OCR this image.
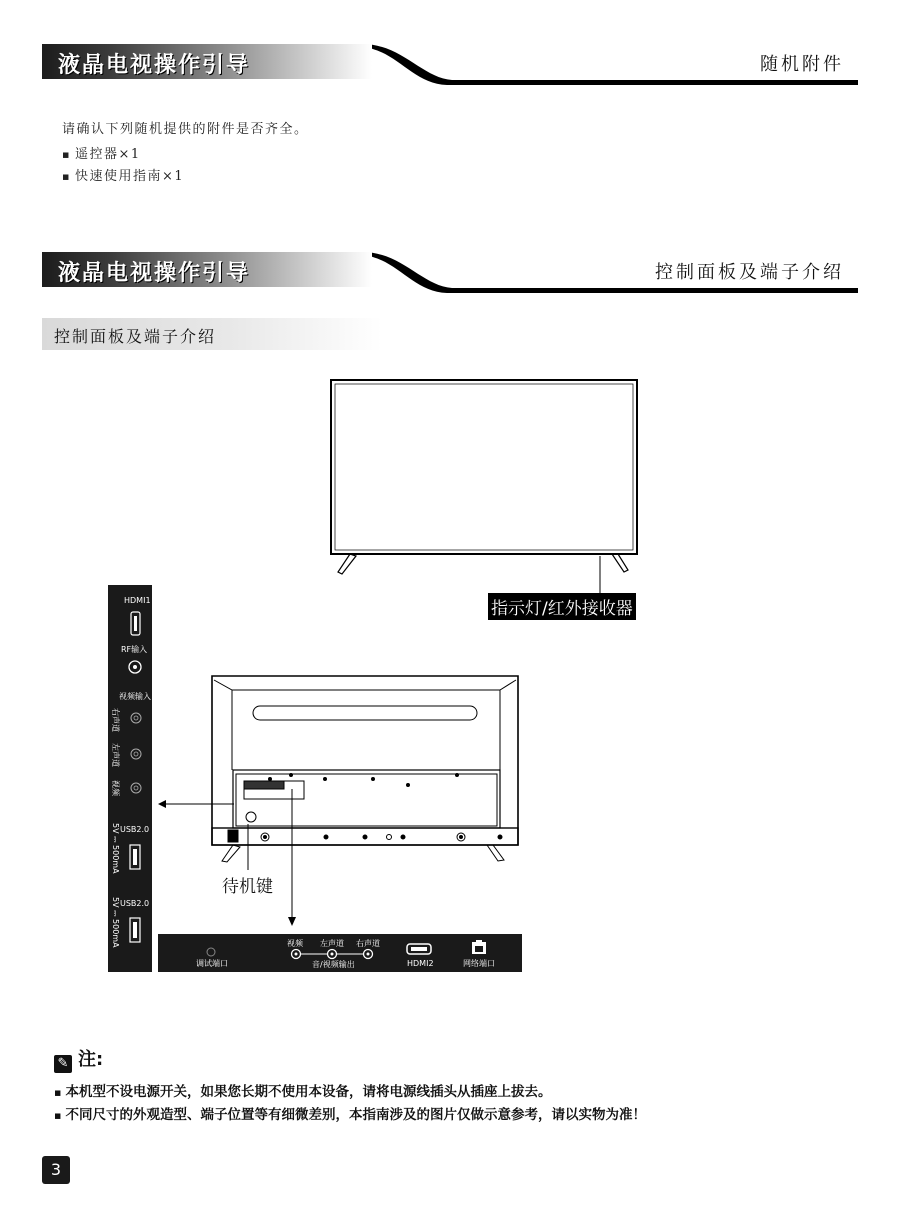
液晶电视操作引导	随机附件
请确认下列随机提供的附件是否齐全。
▪ 遥控器×1
▪ 快速使用指南×1
液晶电视操作引导	控制面板及端子介绍
控制面板及端子介绍
HDMI1
RF输入
视频输入
右声道
左声道
视频
USB2.0
5V ⎓ 500mA
USB2.0
5V ⎓ 500mA
调试端口
视频 左声道 右声道
音/视频输出	HDMI2	网络端口
指示灯/红外接收器
待机键
✎ 注:
▪ 本机型不设电源开关，如果您长期不使用本设备，请将电源线插头从插座上拔去。
▪ 不同尺寸的外观造型、端子位置等有细微差别，本指南涉及的图片仅做示意参考，请以实物为准！
3
